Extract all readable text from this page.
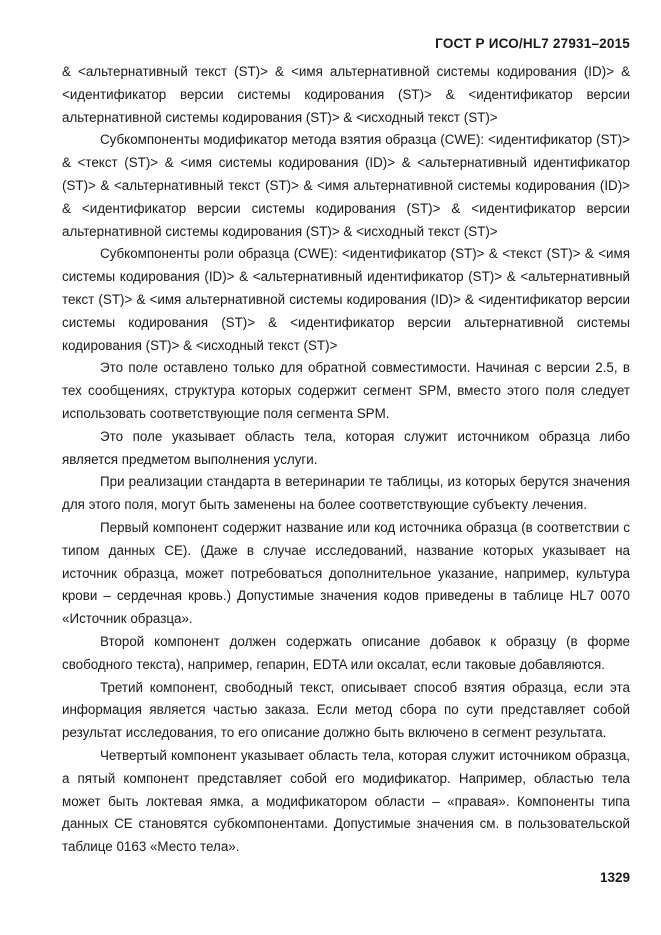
ГОСТ Р ИСО/HL7 27931–2015

& <альтернативный текст (ST)> & <имя альтернативной системы кодирования (ID)> & <идентификатор версии системы кодирования (ST)> & <идентификатор версии альтернативной системы кодирования (ST)> & <исходный текст (ST)>

Субкомпоненты модификатор метода взятия образца (CWE): <идентификатор (ST)> & <текст (ST)> & <имя системы кодирования (ID)> & <альтернативный идентификатор (ST)> & <альтернативный текст (ST)> & <имя альтернативной системы кодирования (ID)> & <идентификатор версии системы кодирования (ST)> & <идентификатор версии альтернативной системы кодирования (ST)> & <исходный текст (ST)>

Субкомпоненты роли образца (CWE): <идентификатор (ST)> & <текст (ST)> & <имя системы кодирования (ID)> & <альтернативный идентификатор (ST)> & <альтернативный текст (ST)> & <имя альтернативной системы кодирования (ID)> & <идентификатор версии системы кодирования (ST)> & <идентификатор версии альтернативной системы кодирования (ST)> & <исходный текст (ST)>

Это поле оставлено только для обратной совместимости. Начиная с версии 2.5, в тех сообщениях, структура которых содержит сегмент SPM, вместо этого поля следует использовать соответствующие поля сегмента SPM.

Это поле указывает область тела, которая служит источником образца либо является предметом выполнения услуги.

При реализации стандарта в ветеринарии те таблицы, из которых берутся значения для этого поля, могут быть заменены на более соответствующие субъекту лечения.

Первый компонент содержит название или код источника образца (в соответствии с типом данных CE). (Даже в случае исследований, название которых указывает на источник образца, может потребоваться дополнительное указание, например, культура крови – сердечная кровь.) Допустимые значения кодов приведены в таблице HL7 0070 «Источник образца».

Второй компонент должен содержать описание добавок к образцу (в форме свободного текста), например, гепарин, EDTA или оксалат, если таковые добавляются.

Третий компонент, свободный текст, описывает способ взятия образца, если эта информация является частью заказа. Если метод сбора по сути представляет собой результат исследования, то его описание должно быть включено в сегмент результата.

Четвертый компонент указывает область тела, которая служит источником образца, а пятый компонент представляет собой его модификатор. Например, областью тела может быть локтевая ямка, а модификатором области – «правая». Компоненты типа данных CE становятся субкомпонентами. Допустимые значения см. в пользовательской таблице 0163 «Место тела».

1329
